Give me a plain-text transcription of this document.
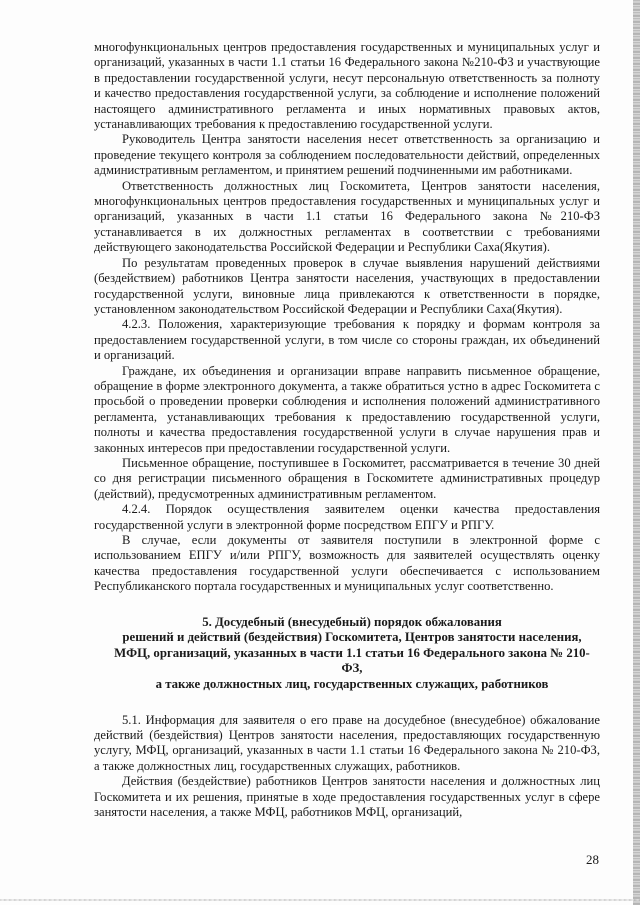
многофункциональных центров предоставления государственных и муниципальных услуг и организаций, указанных в части 1.1 статьи 16 Федерального закона №210-ФЗ и участвующие в предоставлении государственной услуги, несут персональную ответственность за полноту и качество предоставления государственной услуги, за соблюдение и исполнение положений настоящего административного регламента и иных нормативных правовых актов, устанавливающих требования к предоставлению государственной услуги.

Руководитель Центра занятости населения несет ответственность за организацию и проведение текущего контроля за соблюдением последовательности действий, определенных административным регламентом, и принятием решений подчиненными им работниками.

Ответственность должностных лиц Госкомитета, Центров занятости населения, многофункциональных центров предоставления государственных и муниципальных услуг и организаций, указанных в части 1.1 статьи 16 Федерального закона №210-ФЗ устанавливается в их должностных регламентах в соответствии с требованиями действующего законодательства Российской Федерации и Республики Саха(Якутия).

По результатам проведенных проверок в случае выявления нарушений действиями (бездействием) работников Центра занятости населения, участвующих в предоставлении государственной услуги, виновные лица привлекаются к ответственности в порядке, установленном законодательством Российской Федерации и Республики Саха(Якутия).

4.2.3. Положения, характеризующие требования к порядку и формам контроля за предоставлением государственной услуги, в том числе со стороны граждан, их объединений и организаций.

Граждане, их объединения и организации вправе направить письменное обращение, обращение в форме электронного документа, а также обратиться устно в адрес Госкомитета с просьбой о проведении проверки соблюдения и исполнения положений административного регламента, устанавливающих требования к предоставлению государственной услуги, полноты и качества предоставления государственной услуги в случае нарушения прав и законных интересов при предоставлении государственной услуги.

Письменное обращение, поступившее в Госкомитет, рассматривается в течение 30 дней со дня регистрации письменного обращения в Госкомитете административных процедур (действий), предусмотренных административным регламентом.

4.2.4. Порядок осуществления заявителем оценки качества предоставления государственной услуги в электронной форме посредством ЕПГУ и РПГУ.

В случае, если документы от заявителя поступили в электронной форме с использованием ЕПГУ и/или РПГУ, возможность для заявителей осуществлять оценку качества предоставления государственной услуги обеспечивается с использованием Республиканского портала государственных и муниципальных услуг соответственно.

5. Досудебный (внесудебный) порядок обжалования
решений и действий (бездействия) Госкомитета, Центров занятости населения,
МФЦ, организаций, указанных в части 1.1 статьи 16 Федерального закона № 210-ФЗ,
а также должностных лиц, государственных служащих, работников

5.1. Информация для заявителя о его праве на досудебное (внесудебное) обжалование действий (бездействия) Центров занятости населения, предоставляющих государственную услугу, МФЦ, организаций, указанных в части 1.1 статьи 16 Федерального закона № 210-ФЗ, а также должностных лиц, государственных служащих, работников.

Действия (бездействие) работников Центров занятости населения и должностных лиц Госкомитета и их решения, принятые в ходе предоставления государственных услуг в сфере занятости населения, а также МФЦ, работников МФЦ, организаций,

28
